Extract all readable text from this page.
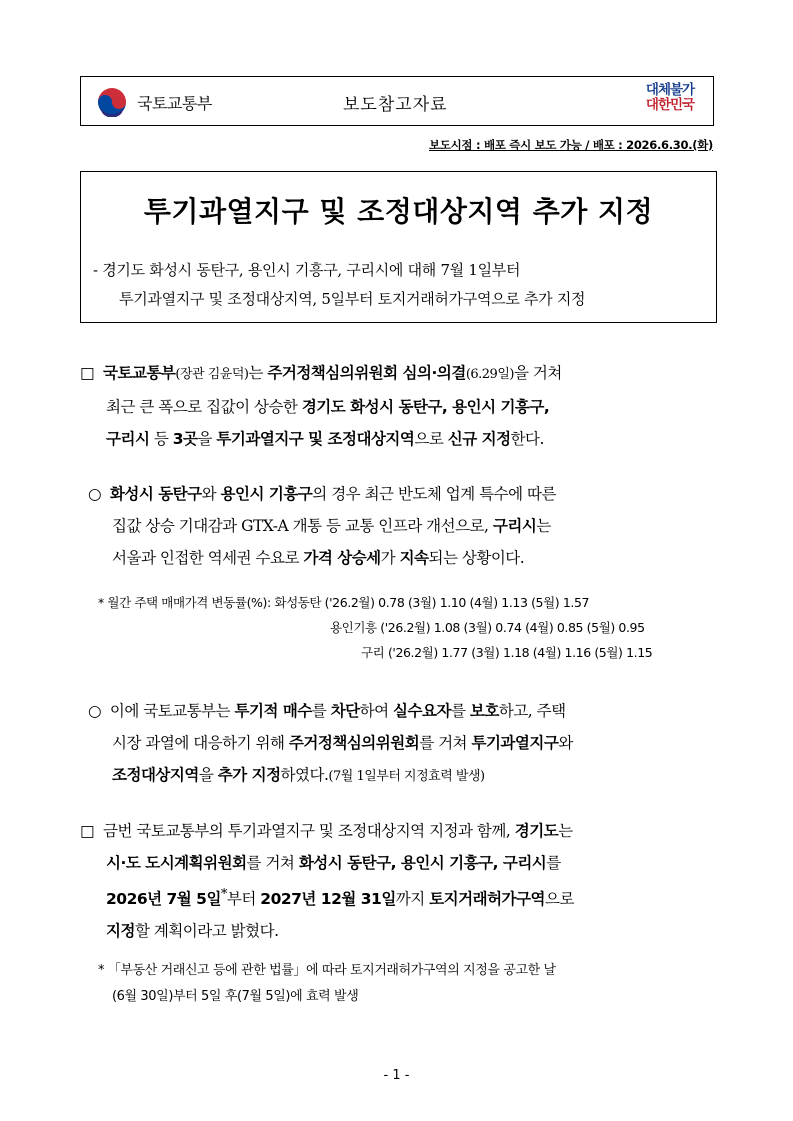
국토교통부	보도참고자료
대체불가
대한민국
보도시점 : 배포 즉시 보도 가능 / 배포 : 2026.6.30.(화)
투기과열지구 및 조정대상지역 추가 지정
- 경기도 화성시 동탄구, 용인시 기흥구, 구리시에 대해 7월 1일부터
투기과열지구 및 조정대상지역, 5일부터 토지거래허가구역으로 추가 지정
□ 국토교통부(장관 김윤덕)는 주거정책심의위원회 심의·의결(6.29일)을 거쳐
최근 큰 폭으로 집값이 상승한 경기도 화성시 동탄구, 용인시 기흥구,
구리시 등 3곳을 투기과열지구 및 조정대상지역으로 신규 지정한다.
○ 화성시 동탄구와 용인시 기흥구의 경우 최근 반도체 업계 특수에 따른
집값 상승 기대감과 GTX-A 개통 등 교통 인프라 개선으로, 구리시는
서울과 인접한 역세권 수요로 가격 상승세가 지속되는 상황이다.
* 월간 주택 매매가격 변동률(%): 화성동탄 ('26.2월) 0.78 (3월) 1.10 (4월) 1.13 (5월) 1.57
용인기흥 ('26.2월) 1.08 (3월) 0.74 (4월) 0.85 (5월) 0.95
구리 ('26.2월) 1.77 (3월) 1.18 (4월) 1.16 (5월) 1.15
○ 이에 국토교통부는 투기적 매수를 차단하여 실수요자를 보호하고, 주택
시장 과열에 대응하기 위해 주거정책심의위원회를 거쳐 투기과열지구와
조정대상지역을 추가 지정하였다.(7월 1일부터 지정효력 발생)
□ 금번 국토교통부의 투기과열지구 및 조정대상지역 지정과 함께, 경기도는
시·도 도시계획위원회를 거쳐 화성시 동탄구, 용인시 기흥구, 구리시를
2026년 7월 5일*부터 2027년 12월 31일까지 토지거래허가구역으로
지정할 계획이라고 밝혔다.
* 「부동산 거래신고 등에 관한 법률」에 따라 토지거래허가구역의 지정을 공고한 날
(6월 30일)부터 5일 후(7월 5일)에 효력 발생
- 1 -
